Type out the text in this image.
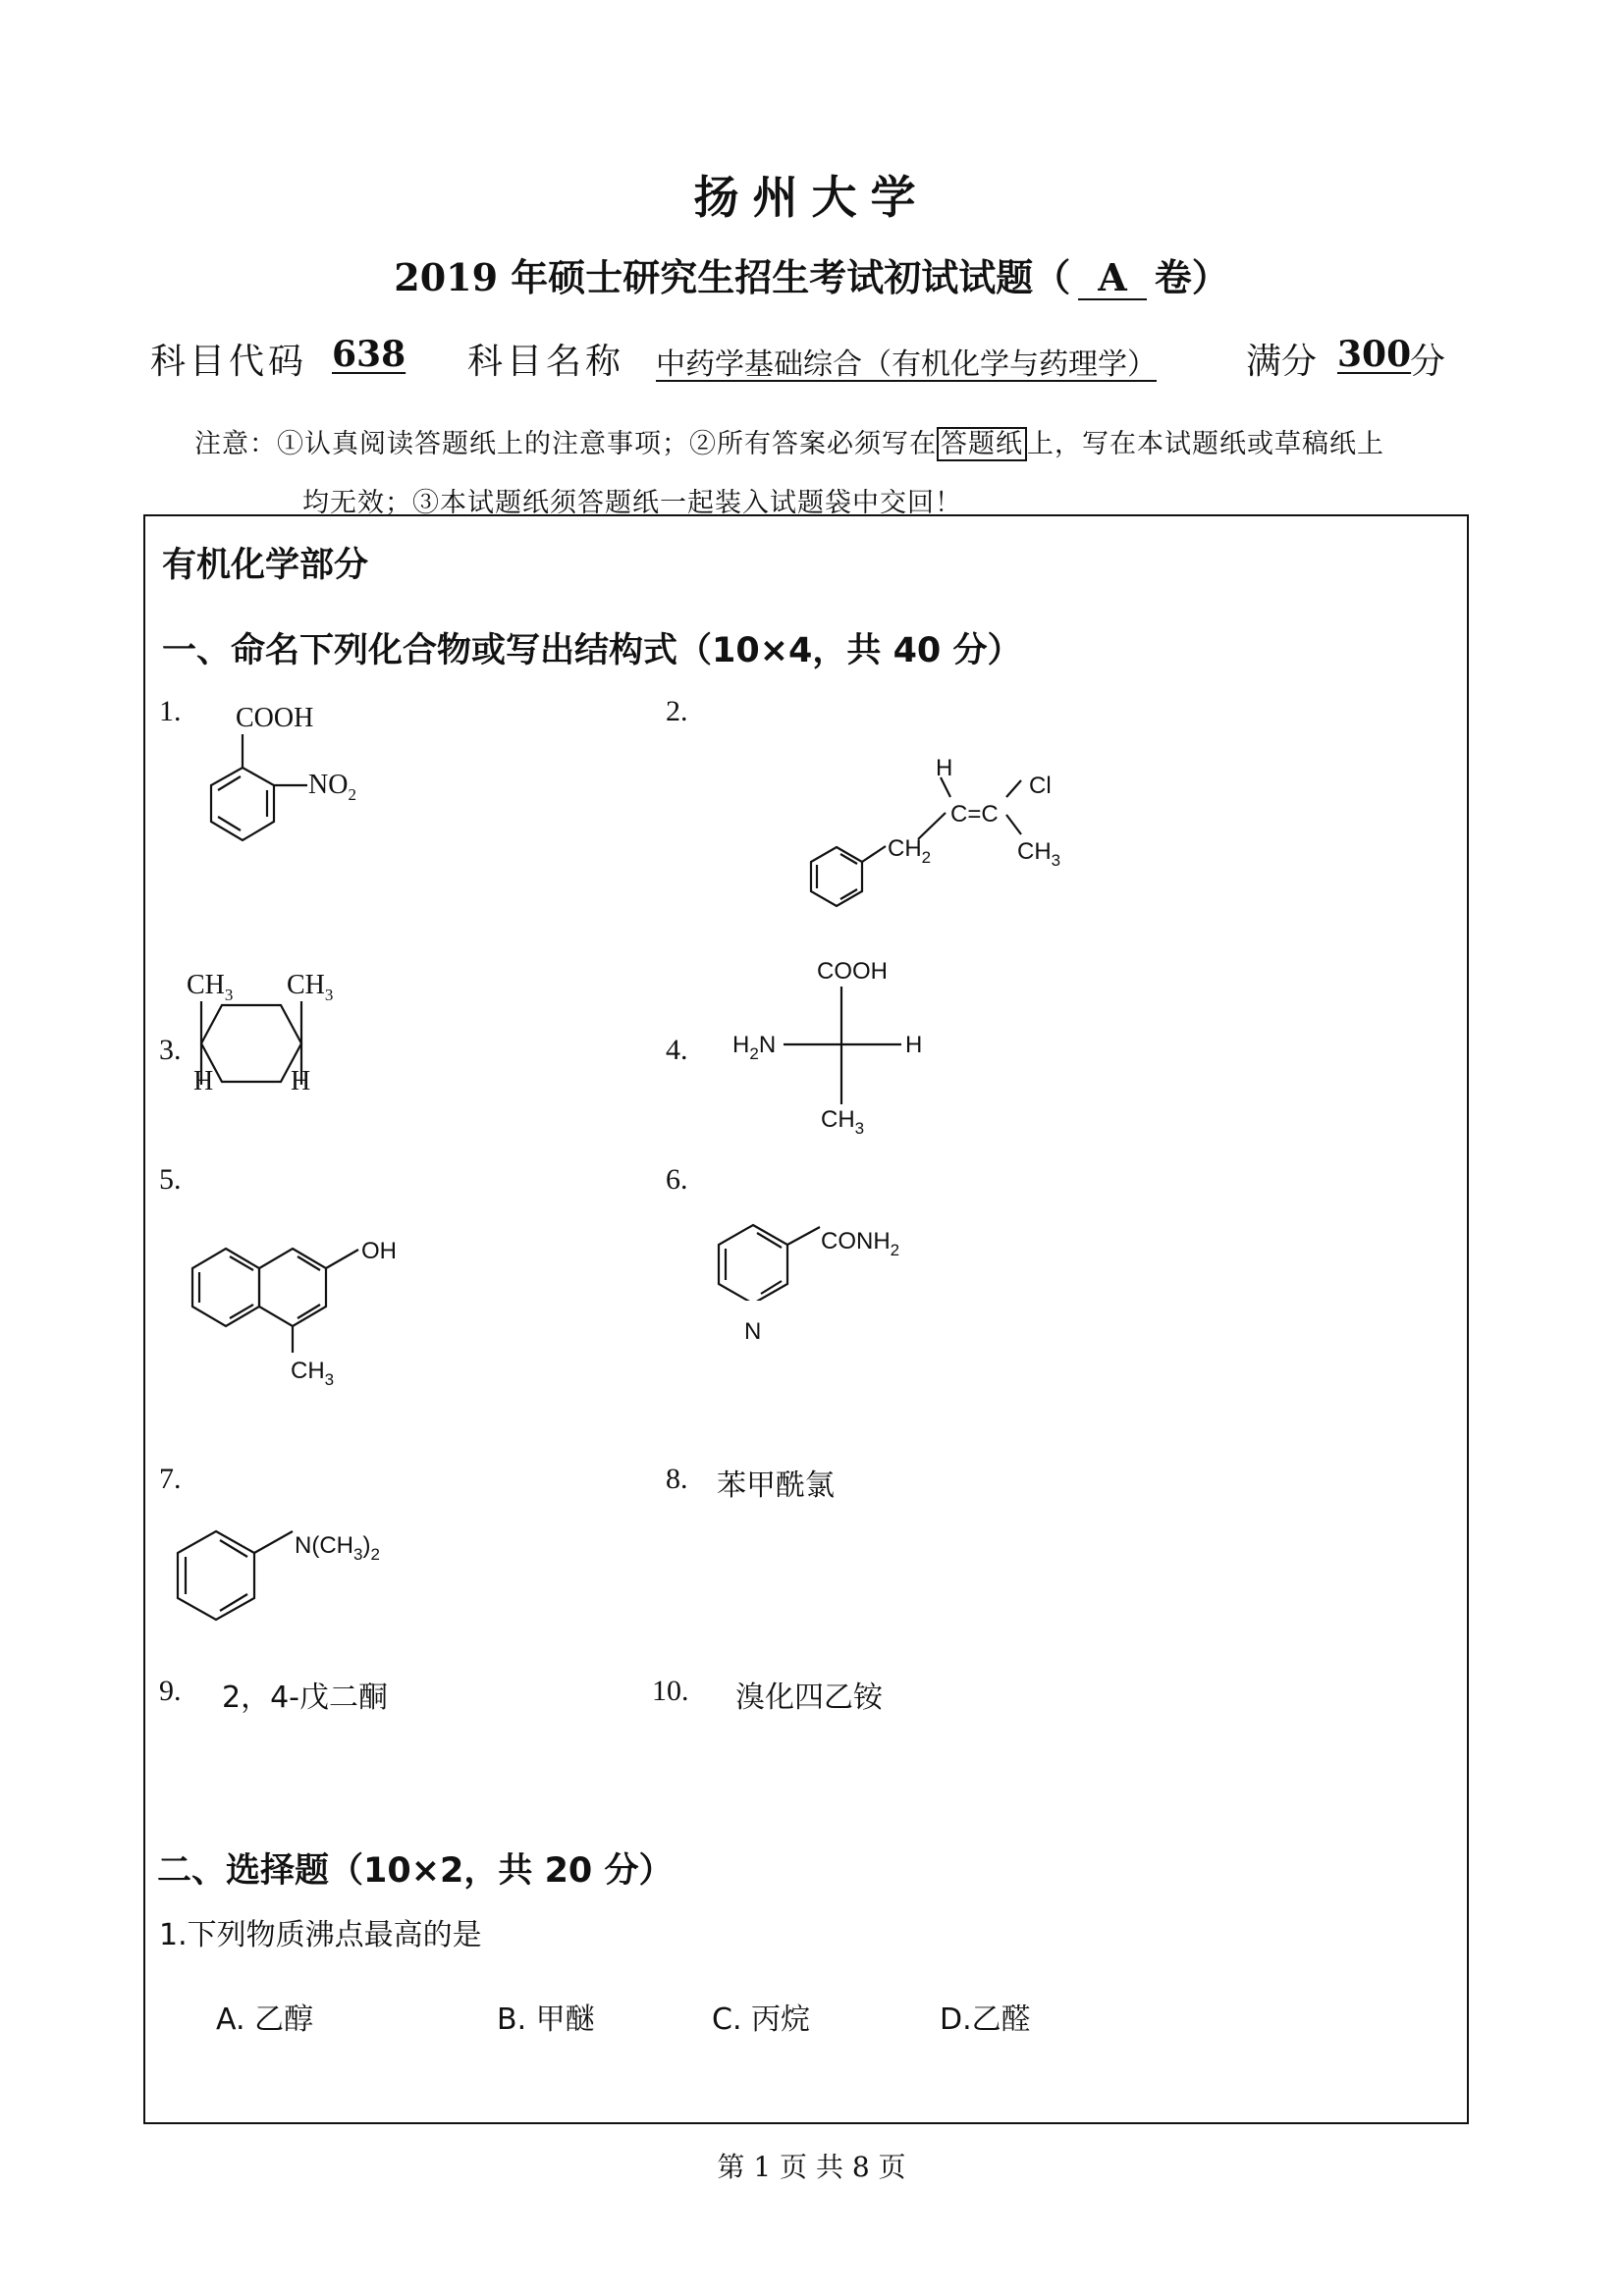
扬州大学
2019 年硕士研究生招生考试初试试题（ A 卷）
科目代码 638 科目名称 中药学基础综合（有机化学与药理学）	满分 300
分
注意：①认真阅读答题纸上的注意事项；②所有答案必须写在 答题纸 上，写在本试题纸或草稿纸上
均无效；③本试题纸须答题纸一起装入试题袋中交回！
有机化学部分
一、命名下列化合物或写出结构式（10×4，共 40 分）
1.	2.
3.	4.
5.	6.
7.	8. 苯甲酰氯
9. 2，4-戊二酮	10. 溴化四乙铵
COOH
$NO_2$
$CH_2$
H
Cl
C=C
$CH_3$
$CH_3$ $CH_3$
H	H
COOH
$H_2N$	H
$CH_3$
OH
$CH_3$
N
$CONH_2$
$N(CH_3)_2$
二、选择题（10×2，共 20 分）
1.下列物质沸点最高的是
A. 乙醇	B. 甲醚	C. 丙烷	D.乙醛
第 1 页 共 8 页
